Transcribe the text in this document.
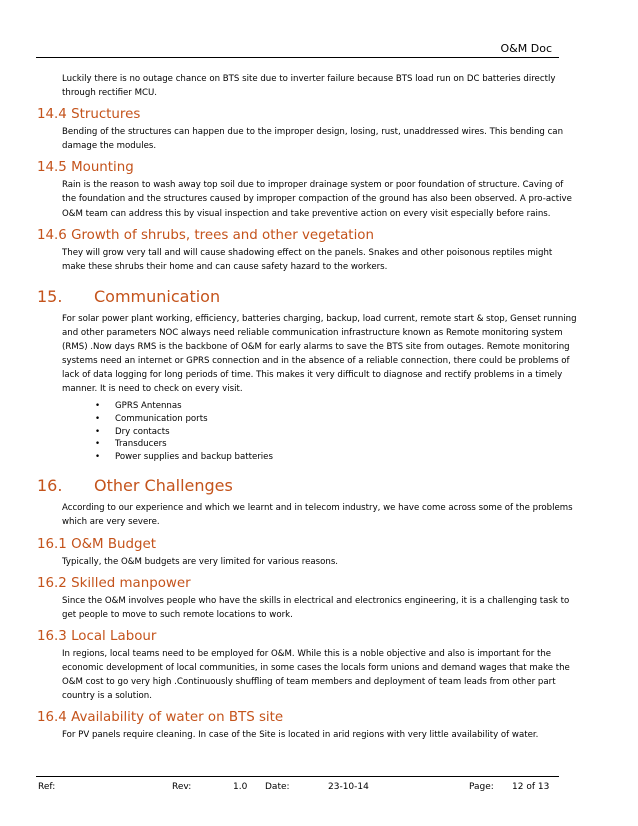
O&M Doc

Luckily there is no outage chance on BTS site due to inverter failure because BTS load run on DC batteries directly through rectifier MCU.

14.4 Structures

Bending of the structures can happen due to the improper design, losing, rust, unaddressed wires. This bending can damage the modules.

14.5 Mounting

Rain is the reason to wash away top soil due to improper drainage system or poor foundation of structure. Caving of the foundation and the structures caused by improper compaction of the ground has also been observed. A pro-active O&M team can address this by visual inspection and take preventive action on every visit especially before rains.

14.6 Growth of shrubs, trees and other vegetation

They will grow very tall and will cause shadowing effect on the panels. Snakes and other poisonous reptiles might make these shrubs their home and can cause safety hazard to the workers.

15. Communication

For solar power plant working, efficiency, batteries charging, backup, load current, remote start & stop, Genset running and other parameters NOC always need reliable communication infrastructure known as Remote monitoring system (RMS) .Now days RMS is the backbone of O&M for early alarms to save the BTS site from outages. Remote monitoring systems need an internet or GPRS connection and in the absence of a reliable connection, there could be problems of lack of data logging for long periods of time. This makes it very difficult to diagnose and rectify problems in a timely manner. It is need to check on every visit.

• GPRS Antennas
• Communication ports
• Dry contacts
• Transducers
• Power supplies and backup batteries
16. Other Challenges

According to our experience and which we learnt and in telecom industry, we have come across some of the problems which are very severe.

16.1 O&M Budget

Typically, the O&M budgets are very limited for various reasons.

16.2 Skilled manpower

Since the O&M involves people who have the skills in electrical and electronics engineering, it is a challenging task to get people to move to such remote locations to work.

16.3 Local Labour

In regions, local teams need to be employed for O&M. While this is a noble objective and also is important for the economic development of local communities, in some cases the locals form unions and demand wages that make the O&M cost to go very high .Continuously shuffling of team members and deployment of team leads from other part country is a solution.

16.4 Availability of water on BTS site

For PV panels require cleaning. In case of the Site is located in arid regions with very little availability of water.

Ref:	Rev:	1.0 Date:	23-10-14	Page: 12 of 13
